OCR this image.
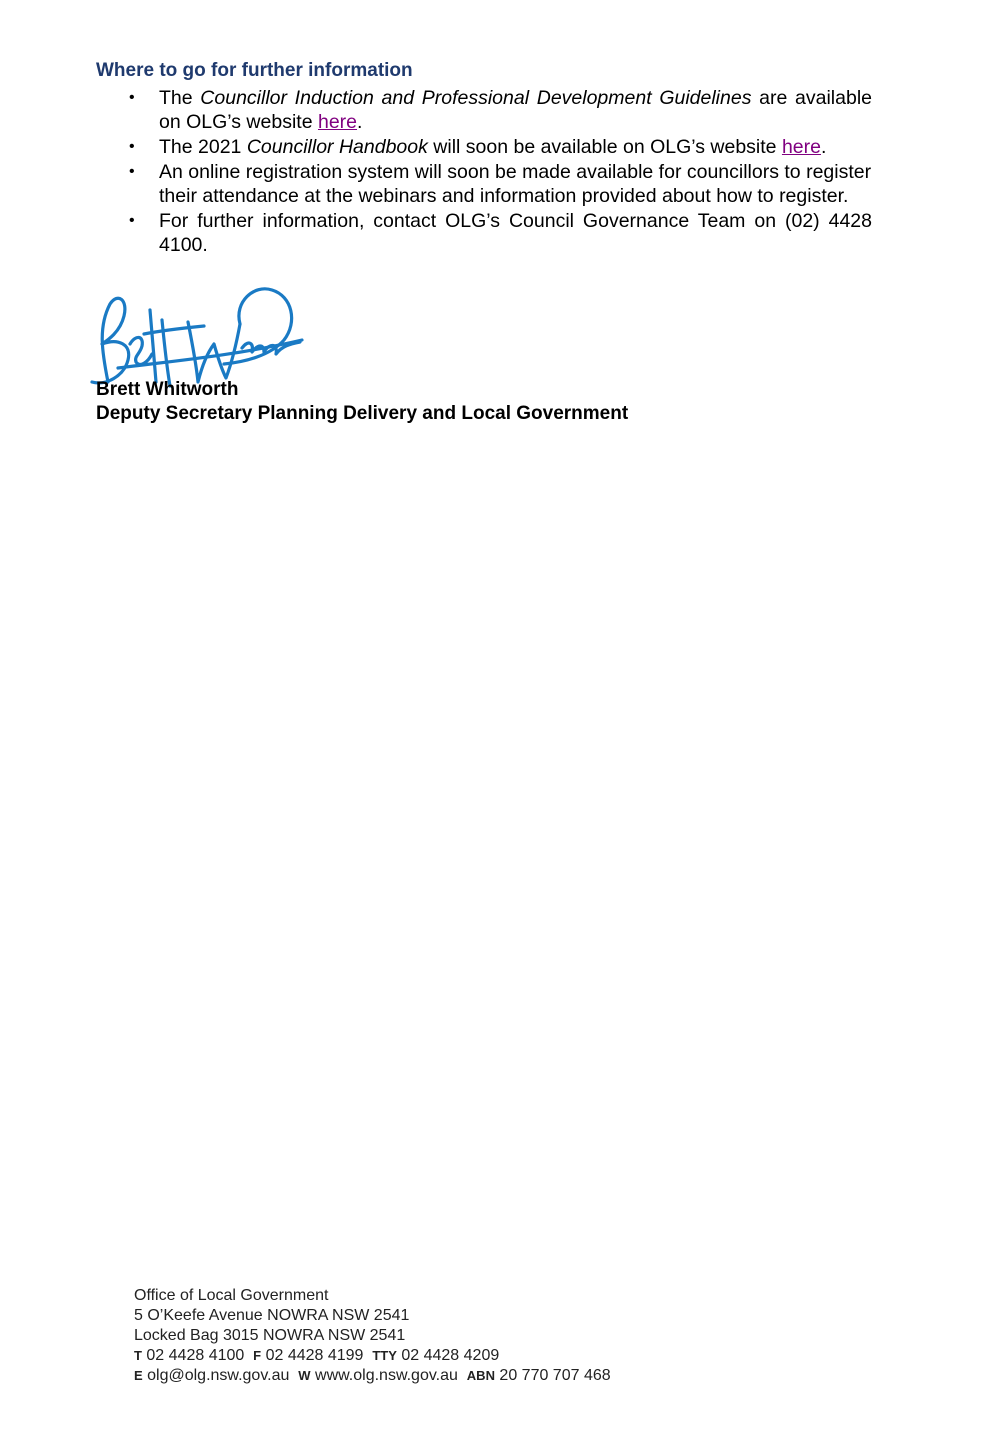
Where to go for further information
• The Councillor Induction and Professional Development Guidelines are available on OLG’s website here.
• The 2021 Councillor Handbook will soon be available on OLG’s website here.
• An online registration system will soon be made available for councillors to register their attendance at the webinars and information provided about how to register.
• For further information, contact OLG’s Council Governance Team on (02) 4428 4100.
Brett Whitworth
Deputy Secretary Planning Delivery and Local Government
Office of Local Government
5 O’Keefe Avenue NOWRA NSW 2541
Locked Bag 3015 NOWRA NSW 2541
T 02 4428 4100 F 02 4428 4199 TTY 02 4428 4209
E olg@olg.nsw.gov.au W www.olg.nsw.gov.au ABN 20 770 707 468
